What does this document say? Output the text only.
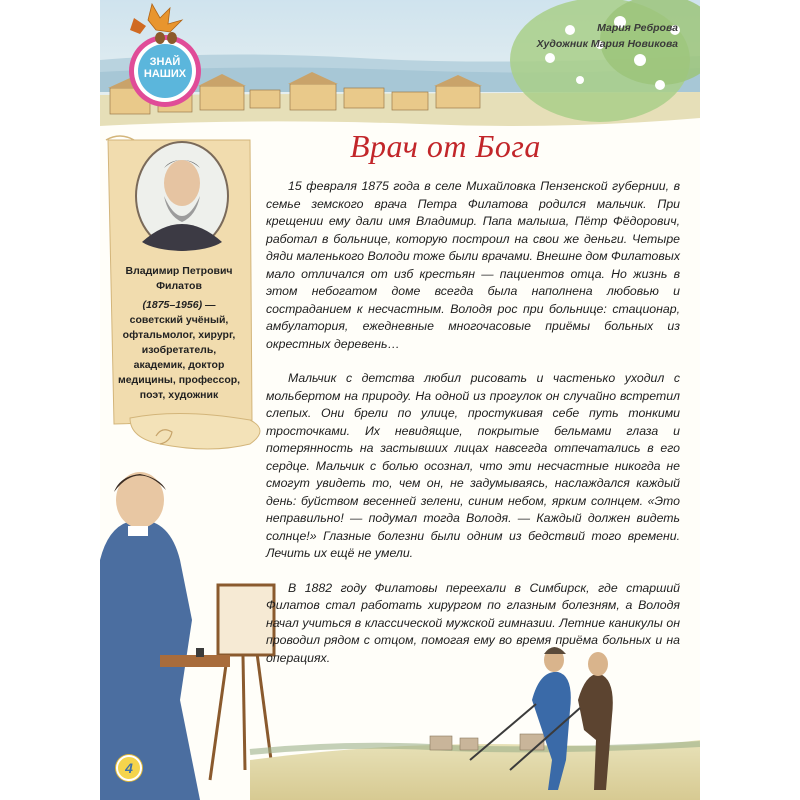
Мария Реброва
Художник Мария Новикова
ЗНАЙ
НАШИХ
Врач от Бога
Владимир Петрович Филатов
(1875–1956) — советский учёный, офтальмолог, хирург, изобретатель, академик, доктор медицины, профессор, поэт, художник

15 февраля 1875 года в селе Михайловка Пензенской губернии, в семье земского врача Петра Филатова родился мальчик. При крещении ему дали имя Владимир. Папа малыша, Пётр Фёдорович, работал в больнице, которую построил на свои же деньги. Четыре дяди маленького Володи тоже были врачами. Внешне дом Филатовых мало отличался от изб крестьян — пациентов отца. Но жизнь в этом небогатом доме всегда была наполнена любовью и состраданием к несчастным. Володя рос при больнице: стационар, амбулатория, ежедневные многочасовые приёмы больных из окрестных деревень…

Мальчик с детства любил рисовать и частенько уходил с мольбертом на природу. На одной из прогулок он случайно встретил слепых. Они брели по улице, простукивая себе путь тонкими тросточками. Их невидящие, покрытые бельмами глаза и потерянность на застывших лицах навсегда отпечатались в его сердце. Мальчик с болью осознал, что эти несчастные никогда не смогут увидеть то, чем он, не задумываясь, наслаждался каждый день: буйством весенней зелени, синим небом, ярким солнцем. «Это неправильно! — подумал тогда Володя. — Каждый должен видеть солнце!» Глазные болезни были одним из бедствий того времени. Лечить их ещё не умели.

В 1882 году Филатовы переехали в Симбирск, где старший Филатов стал работать хирургом по глазным болезням, а Володя начал учиться в классической мужской гимназии. Летние каникулы он проводил рядом с отцом, помогая ему во время приёма больных и на операциях.

4
